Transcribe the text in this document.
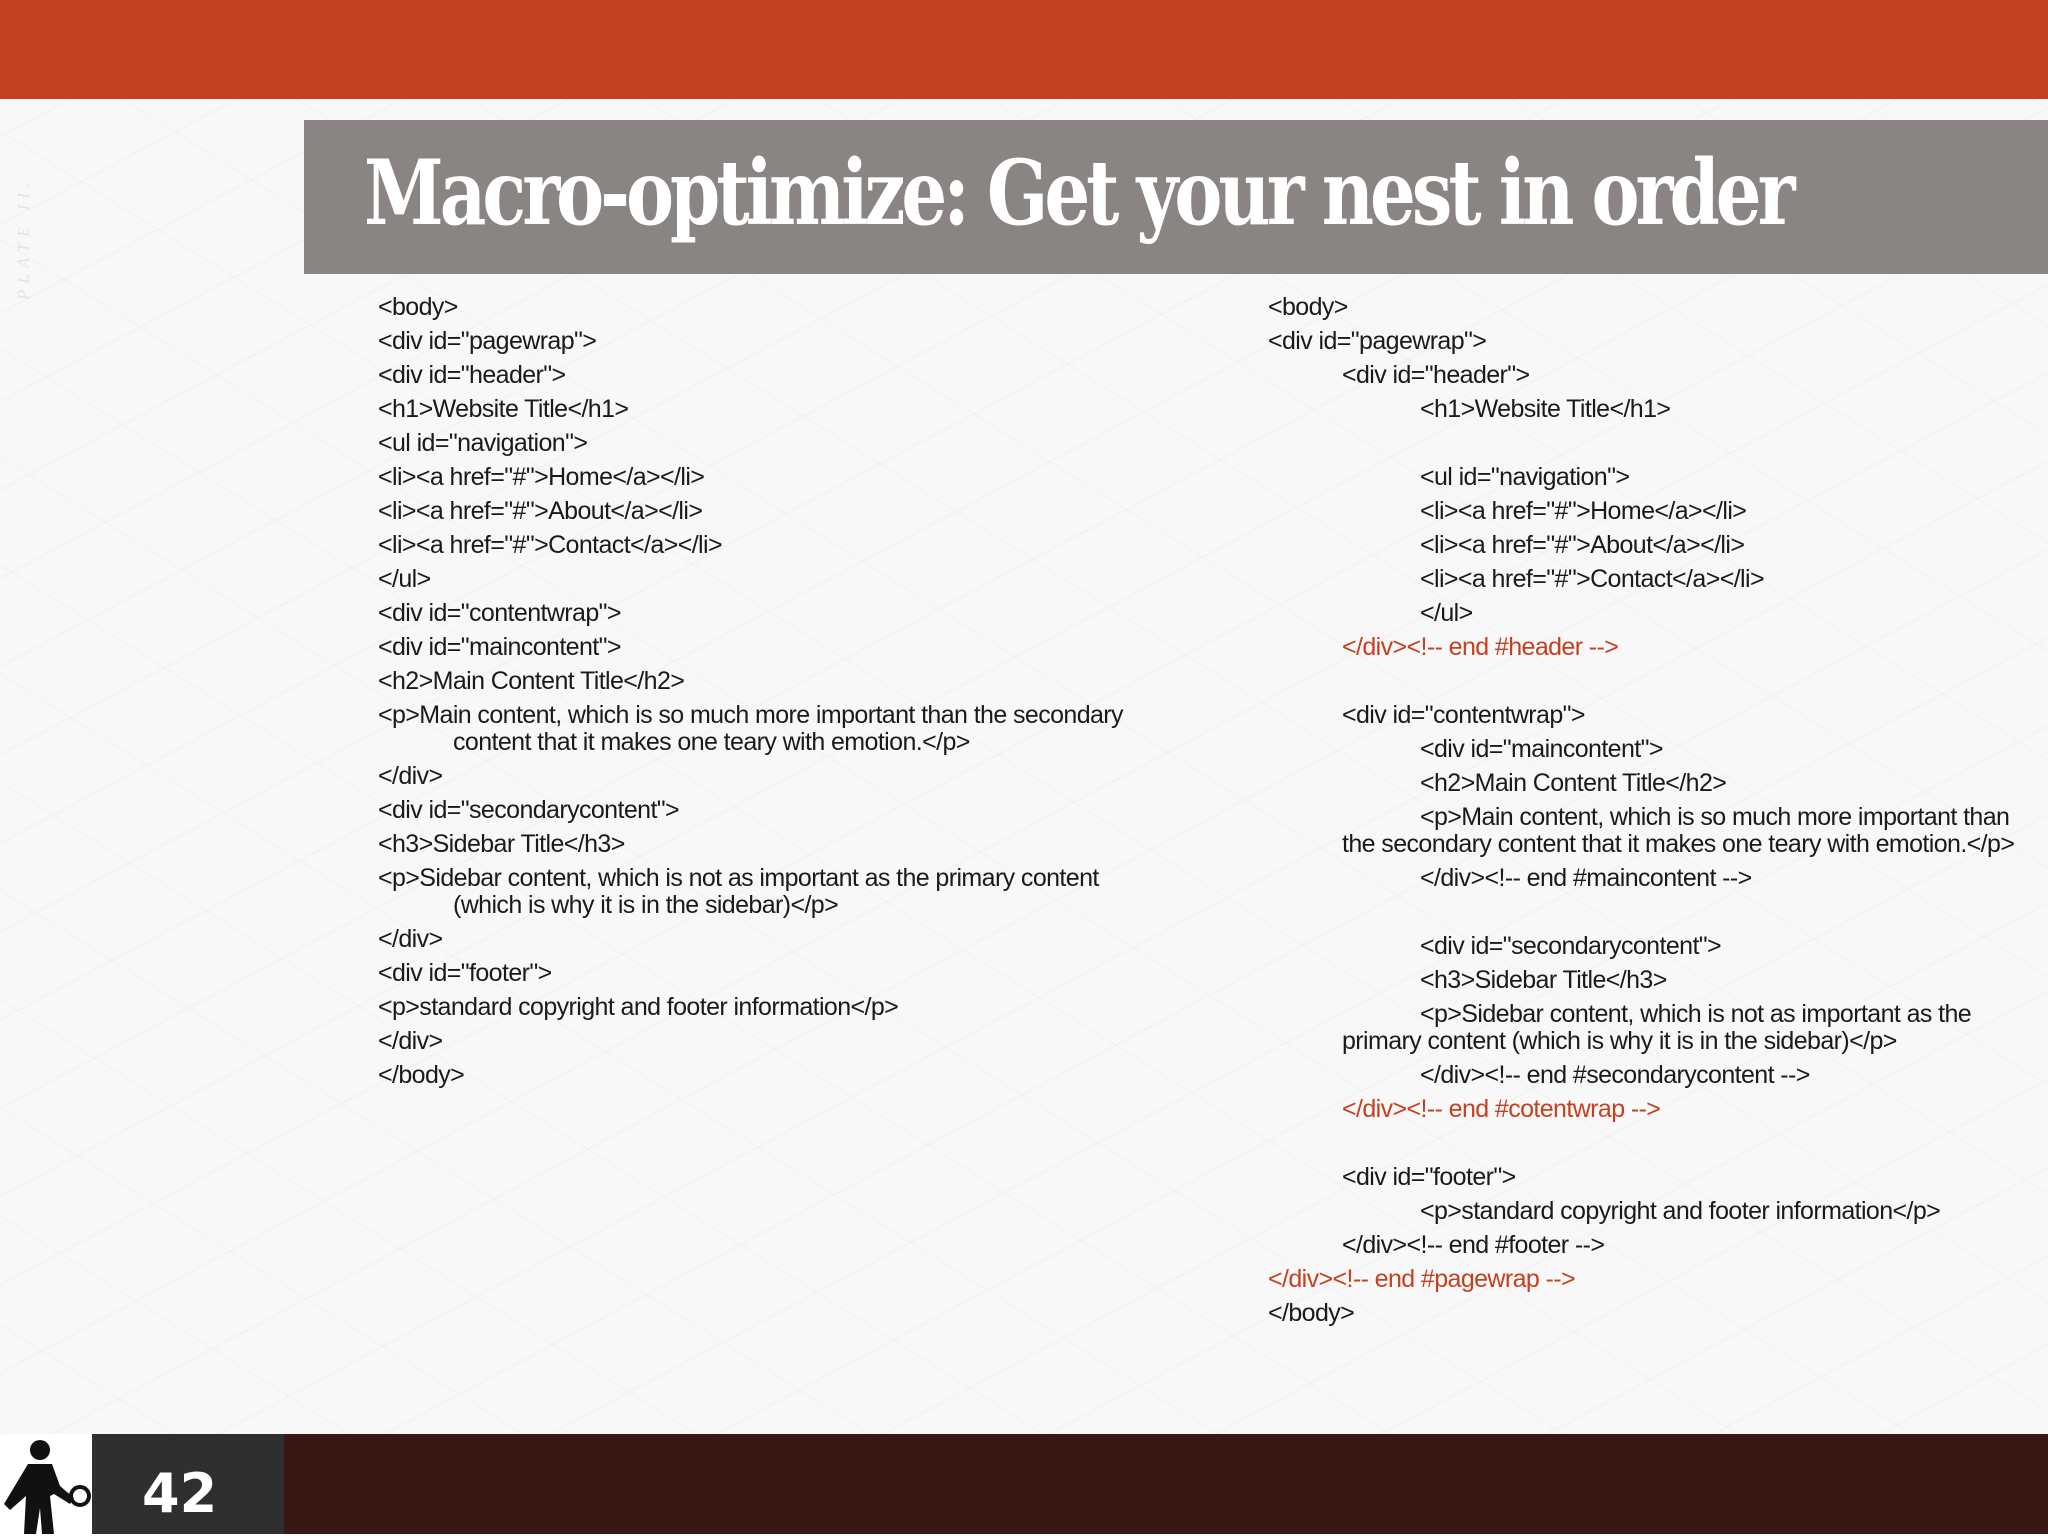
PLATE II.	Macro-optimize: Get your nest in order
<body>
<div id="pagewrap">
<div id="header">
<h1>Website Title</h1>
<ul id="navigation">
<li><a href="#">Home</a></li>
<li><a href="#">About</a></li>
<li><a href="#">Contact</a></li>
</ul>
<div id="contentwrap">
<div id="maincontent">
<h2>Main Content Title</h2>
<p>Main content, which is so much more important than the secondary content that it makes one teary with emotion.</p>
</div>
<div id="secondarycontent">
<h3>Sidebar Title</h3>
<p>Sidebar content, which is not as important as the primary content (which is why it is in the sidebar)</p>
</div>
<div id="footer">
<p>standard copyright and footer information</p>
</div>
</body>
<body>
<div id="pagewrap">
<div id="header">
<h1>Website Title</h1>
<ul id="navigation">
<li><a href="#">Home</a></li>
<li><a href="#">About</a></li>
<li><a href="#">Contact</a></li>
</ul>
</div><!-- end #header -->
<div id="contentwrap">
<div id="maincontent">
<h2>Main Content Title</h2>
<p>Main content, which is so much more important than the secondary content that it makes one teary with emotion.</p>
</div><!-- end #maincontent -->
<div id="secondarycontent">
<h3>Sidebar Title</h3>
<p>Sidebar content, which is not as important as the primary content (which is why it is in the sidebar)</p>
</div><!-- end #secondarycontent -->
</div><!-- end #cotentwrap -->
<div id="footer">
<p>standard copyright and footer information</p>
</div><!-- end #footer -->
</div><!-- end #pagewrap -->
</body>
42
